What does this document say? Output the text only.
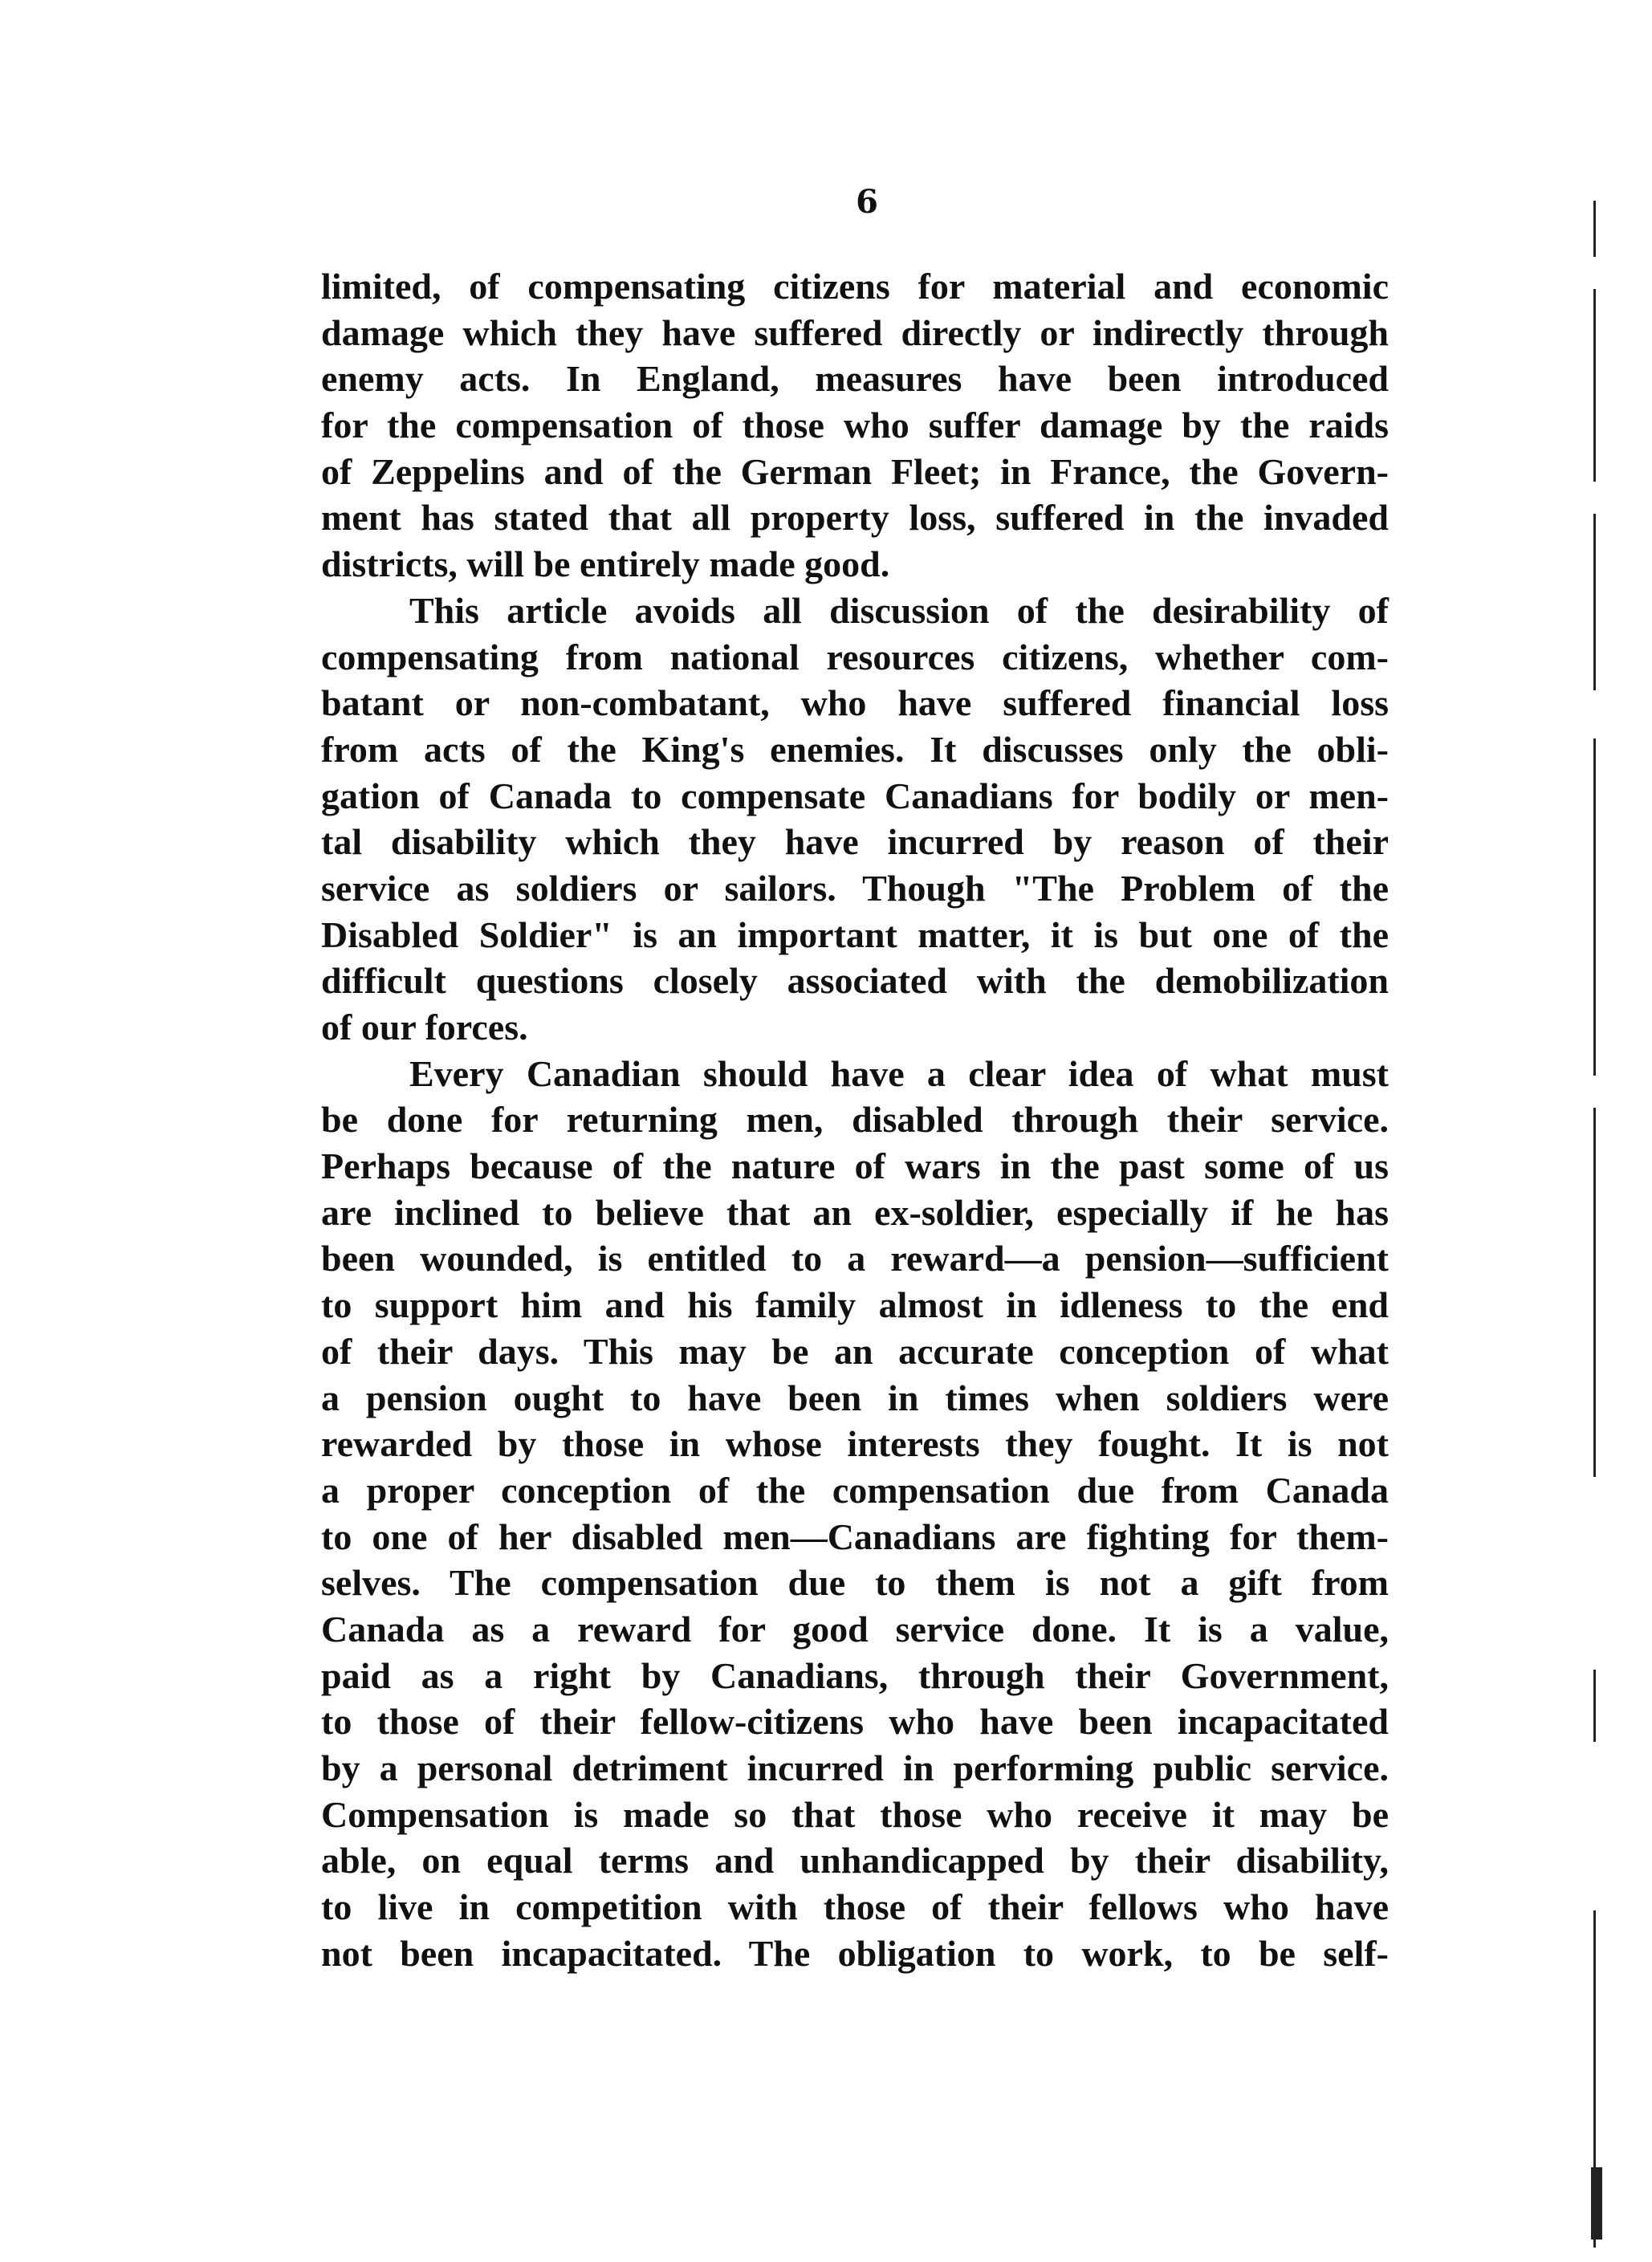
6
limited, of compensating citizens for material and economic
damage which they have suffered directly or indirectly through
enemy acts. In England, measures have been introduced
for the compensation of those who suffer damage by the raids
of Zeppelins and of the German Fleet; in France, the Govern-
ment has stated that all property loss, suffered in the invaded
districts, will be entirely made good.
This article avoids all discussion of the desirability of
compensating from national resources citizens, whether com-
batant or non-combatant, who have suffered financial loss
from acts of the King's enemies. It discusses only the obli-
gation of Canada to compensate Canadians for bodily or men-
tal disability which they have incurred by reason of their
service as soldiers or sailors. Though "The Problem of the
Disabled Soldier" is an important matter, it is but one of the
difficult questions closely associated with the demobilization
of our forces.
Every Canadian should have a clear idea of what must
be done for returning men, disabled through their service.
Perhaps because of the nature of wars in the past some of us
are inclined to believe that an ex-soldier, especially if he has
been wounded, is entitled to a reward—a pension—sufficient
to support him and his family almost in idleness to the end
of their days. This may be an accurate conception of what
a pension ought to have been in times when soldiers were
rewarded by those in whose interests they fought. It is not
a proper conception of the compensation due from Canada
to one of her disabled men—Canadians are fighting for them-
selves. The compensation due to them is not a gift from
Canada as a reward for good service done. It is a value,
paid as a right by Canadians, through their Government,
to those of their fellow-citizens who have been incapacitated
by a personal detriment incurred in performing public service.
Compensation is made so that those who receive it may be
able, on equal terms and unhandicapped by their disability,
to live in competition with those of their fellows who have
not been incapacitated. The obligation to work, to be self-
